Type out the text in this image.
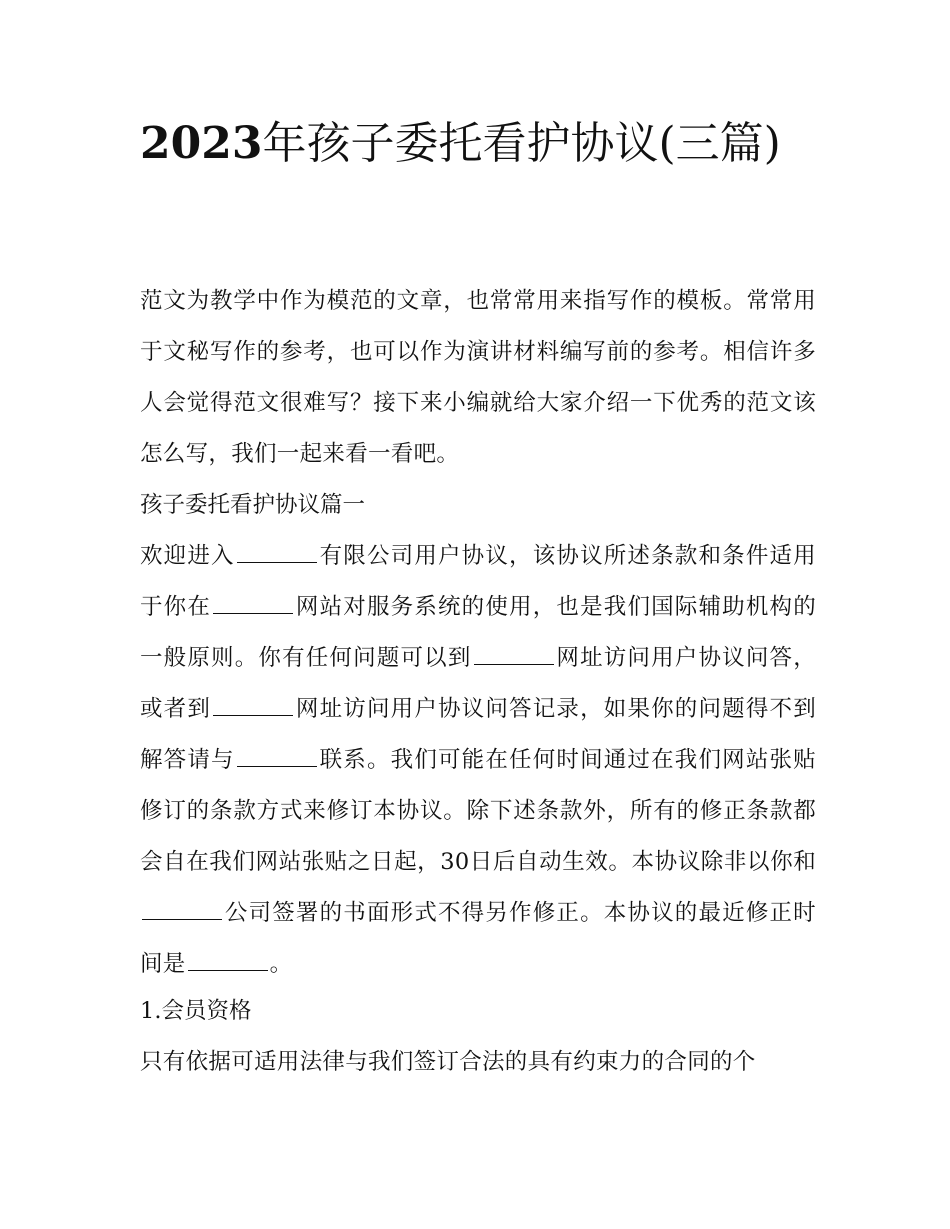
2023年孩子委托看护协议(三篇)

范文为教学中作为模范的文章，也常常用来指写作的模板。常常用于文秘写作的参考，也可以作为演讲材料编写前的参考。相信许多人会觉得范文很难写？接下来小编就给大家介绍一下优秀的范文该怎么写，我们一起来看一看吧。

孩子委托看护协议篇一

欢迎进入	有限公司用户协议，该协议所述条款和条件适用于你在	网站对服务系统的使用，也是我们国际辅助机构的一般原则。你有任何问题可以到	网址访问用户协议问答，或者到	网址访问用户协议问答记录，如果你的问题得不到解答请与	联系。我们可能在任何时间通过在我们网站张贴修订的条款方式来修订本协议。除下述条款外，所有的修正条款都会自在我们网站张贴之日起，30日后自动生效。本协议除非以你和公司签署的书面形式不得另作修正。本协议的最近修正时间是	。

1.会员资格

只有依据可适用法律与我们签订合法的具有约束力的合同的个
